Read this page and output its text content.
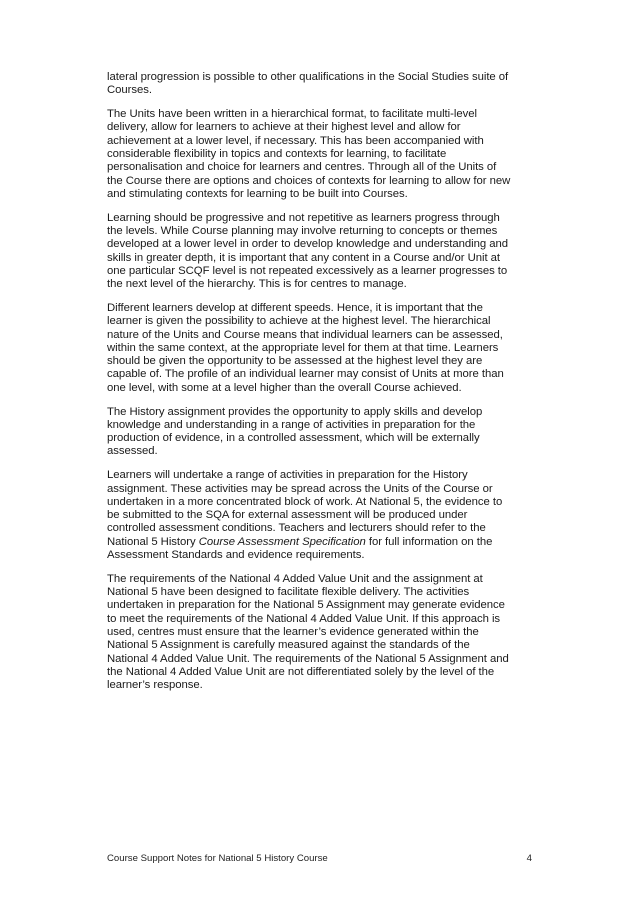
lateral progression is possible to other qualifications in the Social Studies suite of
Courses.

The Units have been written in a hierarchical format, to facilitate multi-level
delivery, allow for learners to achieve at their highest level and allow for
achievement at a lower level, if necessary. This has been accompanied with
considerable flexibility in topics and contexts for learning, to facilitate
personalisation and choice for learners and centres. Through all of the Units of
the Course there are options and choices of contexts for learning to allow for new
and stimulating contexts for learning to be built into Courses.

Learning should be progressive and not repetitive as learners progress through
the levels. While Course planning may involve returning to concepts or themes
developed at a lower level in order to develop knowledge and understanding and
skills in greater depth, it is important that any content in a Course and/or Unit at
one particular SCQF level is not repeated excessively as a learner progresses to
the next level of the hierarchy. This is for centres to manage.

Different learners develop at different speeds. Hence, it is important that the
learner is given the possibility to achieve at the highest level. The hierarchical
nature of the Units and Course means that individual learners can be assessed,
within the same context, at the appropriate level for them at that time. Learners
should be given the opportunity to be assessed at the highest level they are
capable of. The profile of an individual learner may consist of Units at more than
one level, with some at a level higher than the overall Course achieved.

The History assignment provides the opportunity to apply skills and develop
knowledge and understanding in a range of activities in preparation for the
production of evidence, in a controlled assessment, which will be externally
assessed.

Learners will undertake a range of activities in preparation for the History
assignment. These activities may be spread across the Units of the Course or
undertaken in a more concentrated block of work. At National 5, the evidence to
be submitted to the SQA for external assessment will be produced under
controlled assessment conditions. Teachers and lecturers should refer to the
National 5 History Course Assessment Specification for full information on the
Assessment Standards and evidence requirements.

The requirements of the National 4 Added Value Unit and the assignment at
National 5 have been designed to facilitate flexible delivery. The activities
undertaken in preparation for the National 5 Assignment may generate evidence
to meet the requirements of the National 4 Added Value Unit. If this approach is
used, centres must ensure that the learner’s evidence generated within the
National 5 Assignment is carefully measured against the standards of the
National 4 Added Value Unit. The requirements of the National 5 Assignment and
the National 4 Added Value Unit are not differentiated solely by the level of the
learner’s response.

Course Support Notes for National 5 History Course	4
